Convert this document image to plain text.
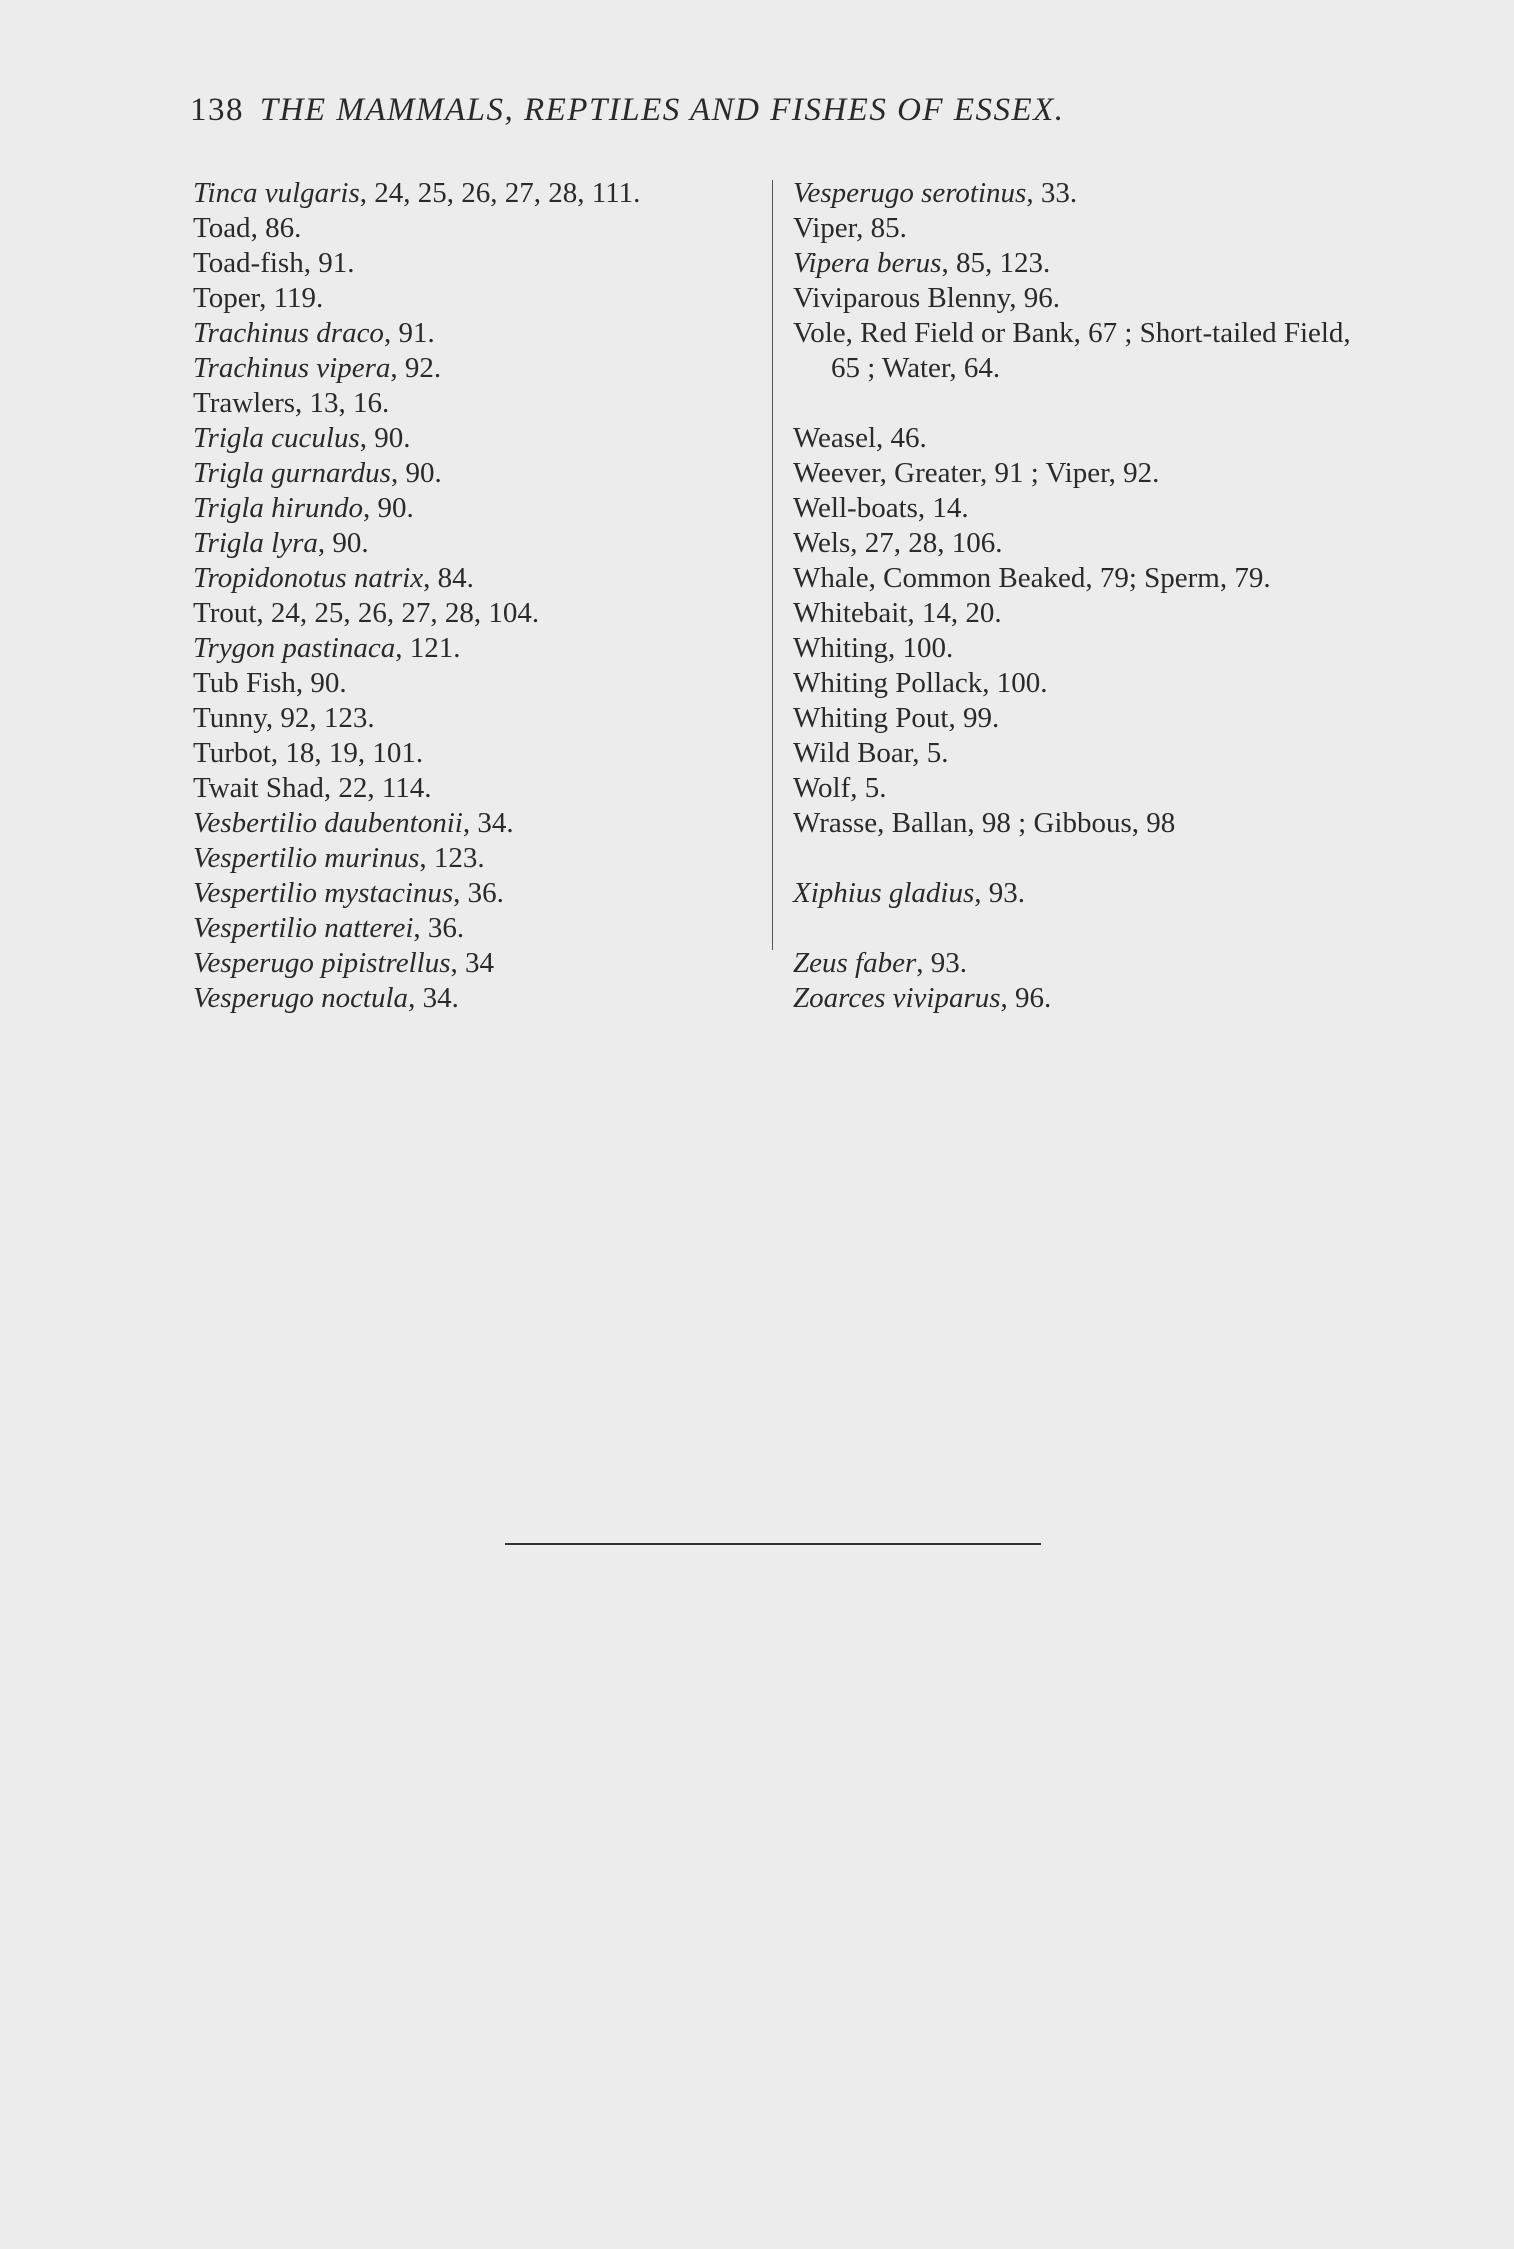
138 THE MAMMALS, REPTILES AND FISHES OF ESSEX.
Tinca vulgaris, 24, 25, 26, 27, 28, 111.
Toad, 86.
Toad-fish, 91.
Toper, 119.
Trachinus draco, 91.
Trachinus vipera, 92.
Trawlers, 13, 16.
Trigla cuculus, 90.
Trigla gurnardus, 90.
Trigla hirundo, 90.
Trigla lyra, 90.
Tropidonotus natrix, 84.
Trout, 24, 25, 26, 27, 28, 104.
Trygon pastinaca, 121.
Tub Fish, 90.
Tunny, 92, 123.
Turbot, 18, 19, 101.
Twait Shad, 22, 114.
Vesbertilio daubentonii, 34.
Vespertilio murinus, 123.
Vespertilio mystacinus, 36.
Vespertilio natterei, 36.
Vesperugo pipistrellus, 34
Vesperugo noctula, 34.
Vesperugo serotinus, 33.
Viper, 85.
Vipera berus, 85, 123.
Viviparous Blenny, 96.
Vole, Red Field or Bank, 67 ; Short-tailed Field, 65 ; Water, 64.
Weasel, 46.
Weever, Greater, 91 ; Viper, 92.
Well-boats, 14.
Wels, 27, 28, 106.
Whale, Common Beaked, 79; Sperm, 79.
Whitebait, 14, 20.
Whiting, 100.
Whiting Pollack, 100.
Whiting Pout, 99.
Wild Boar, 5.
Wolf, 5.
Wrasse, Ballan, 98 ; Gibbous, 98
Xiphius gladius, 93.
Zeus faber, 93.
Zoarces viviparus, 96.
